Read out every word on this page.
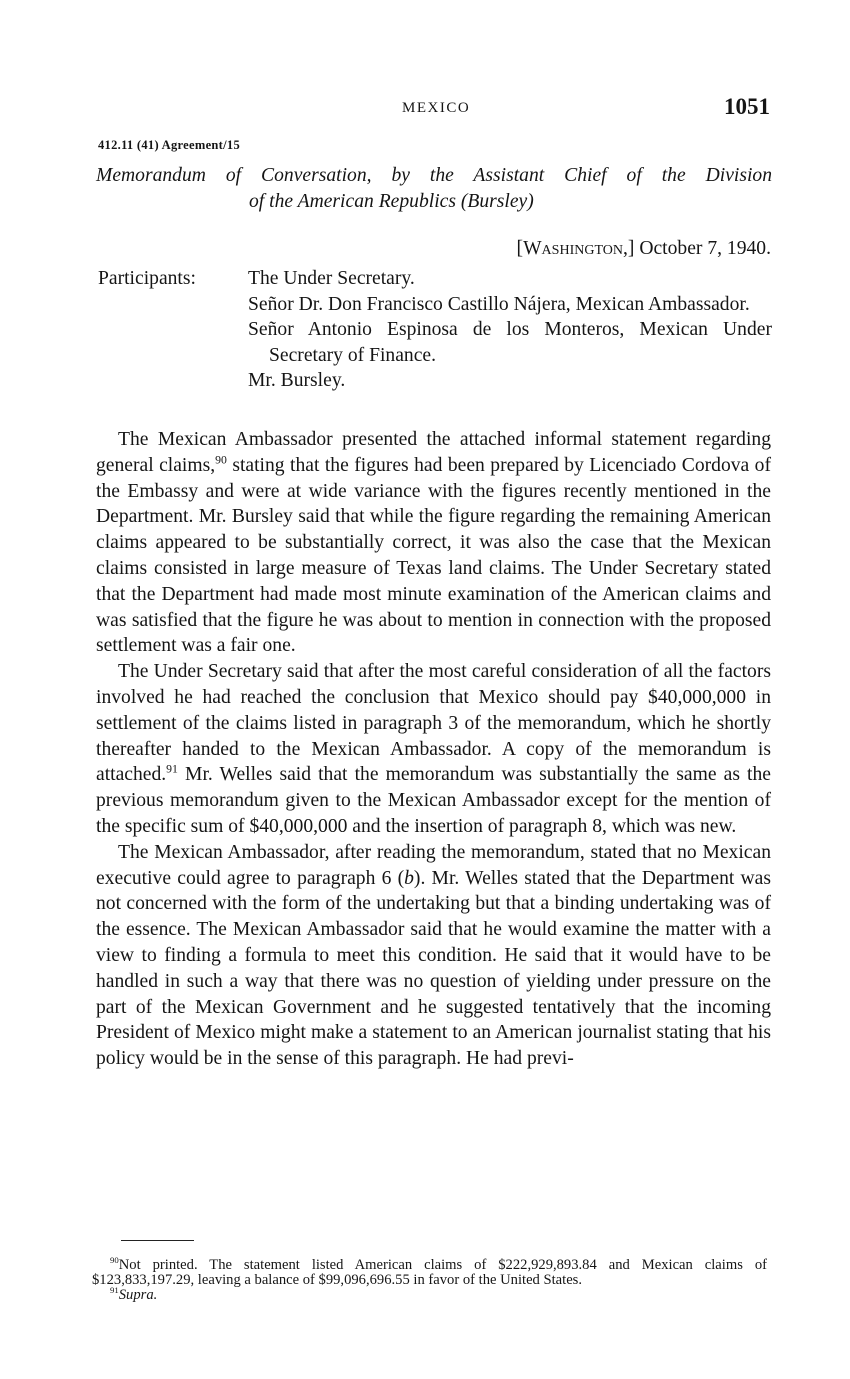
MEXICO	1051
412.11 (41) Agreement/15
Memorandum of Conversation, by the Assistant Chief of the Division
of the American Republics (Bursley)
[Washington,] October 7, 1940.
Participants:	The Under Secretary.
Señor Dr. Don Francisco Castillo Nájera, Mexican Ambassador.
Señor Antonio Espinosa de los Monteros, Mexican Under Secretary of Finance.
Mr. Bursley.

The Mexican Ambassador presented the attached informal statement regarding general claims,$^{90}$ stating that the figures had been prepared by Licenciado Cordova of the Embassy and were at wide variance with the figures recently mentioned in the Department. Mr. Bursley said that while the figure regarding the remaining American claims appeared to be substantially correct, it was also the case that the Mexican claims consisted in large measure of Texas land claims. The Under Secretary stated that the Department had made most minute examination of the American claims and was satisfied that the figure he was about to mention in connection with the proposed settlement was a fair one.

The Under Secretary said that after the most careful consideration of all the factors involved he had reached the conclusion that Mexico should pay $40,000,000 in settlement of the claims listed in paragraph 3 of the memorandum, which he shortly thereafter handed to the Mexican Ambassador. A copy of the memorandum is attached.$^{91}$ Mr. Welles said that the memorandum was substantially the same as the previous memorandum given to the Mexican Ambassador except for the mention of the specific sum of $40,000,000 and the insertion of paragraph 8, which was new.

The Mexican Ambassador, after reading the memorandum, stated that no Mexican executive could agree to paragraph 6 (b). Mr. Welles stated that the Department was not concerned with the form of the undertaking but that a binding undertaking was of the essence. The Mexican Ambassador said that he would examine the matter with a view to finding a formula to meet this condition. He said that it would have to be handled in such a way that there was no question of yielding under pressure on the part of the Mexican Government and he suggested tentatively that the incoming President of Mexico might make a statement to an American journalist stating that his policy would be in the sense of this paragraph. He had previ-

$^{90}$Not printed. The statement listed American claims of $222,929,893.84 and Mexican claims of $123,833,197.29, leaving a balance of $99,096,696.55 in favor of the United States.

$^{91}$Supra.
